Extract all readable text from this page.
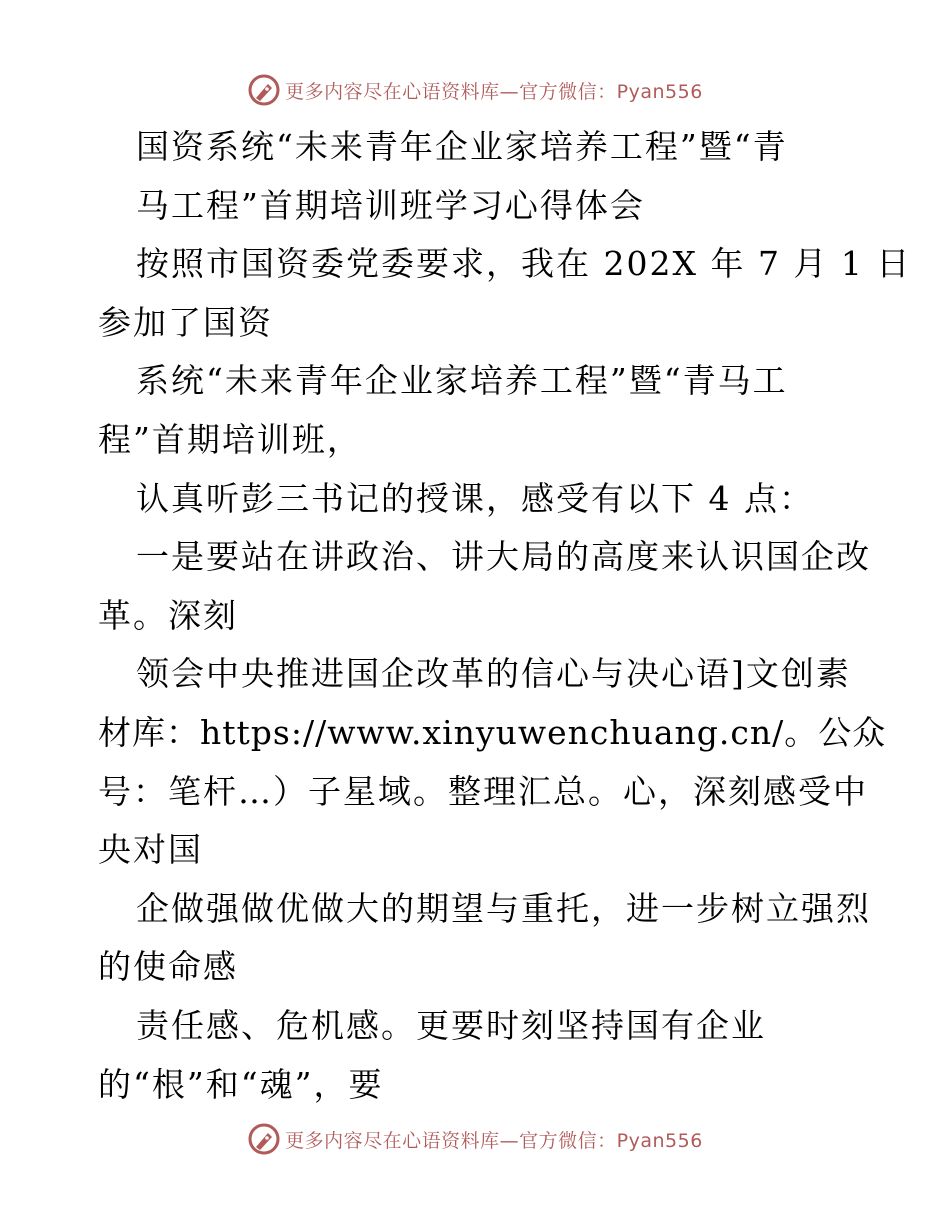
更多内容尽在心语资料库—官方微信：Pyan556
国资系统“未来青年企业家培养工程”暨“青
马工程”首期培训班学习心得体会
按照市国资委党委要求，我在 202X 年 7 月 1 日
参加了国资
系统“未来青年企业家培养工程”暨“青马工
程”首期培训班，
认真听彭三书记的授课，感受有以下 4 点：
一是要站在讲政治、讲大局的高度来认识国企改
革。深刻
领会中央推进国企改革的信心与决心语]文创素
材库：https://www.xinyuwenchuang.cn/。公众
号：笔杆…）子星域。整理汇总。心，深刻感受中
央对国
企做强做优做大的期望与重托，进一步树立强烈
的使命感
责任感、危机感。更要时刻坚持国有企业
的“根”和“魂”，要
更多内容尽在心语资料库—官方微信：Pyan556
